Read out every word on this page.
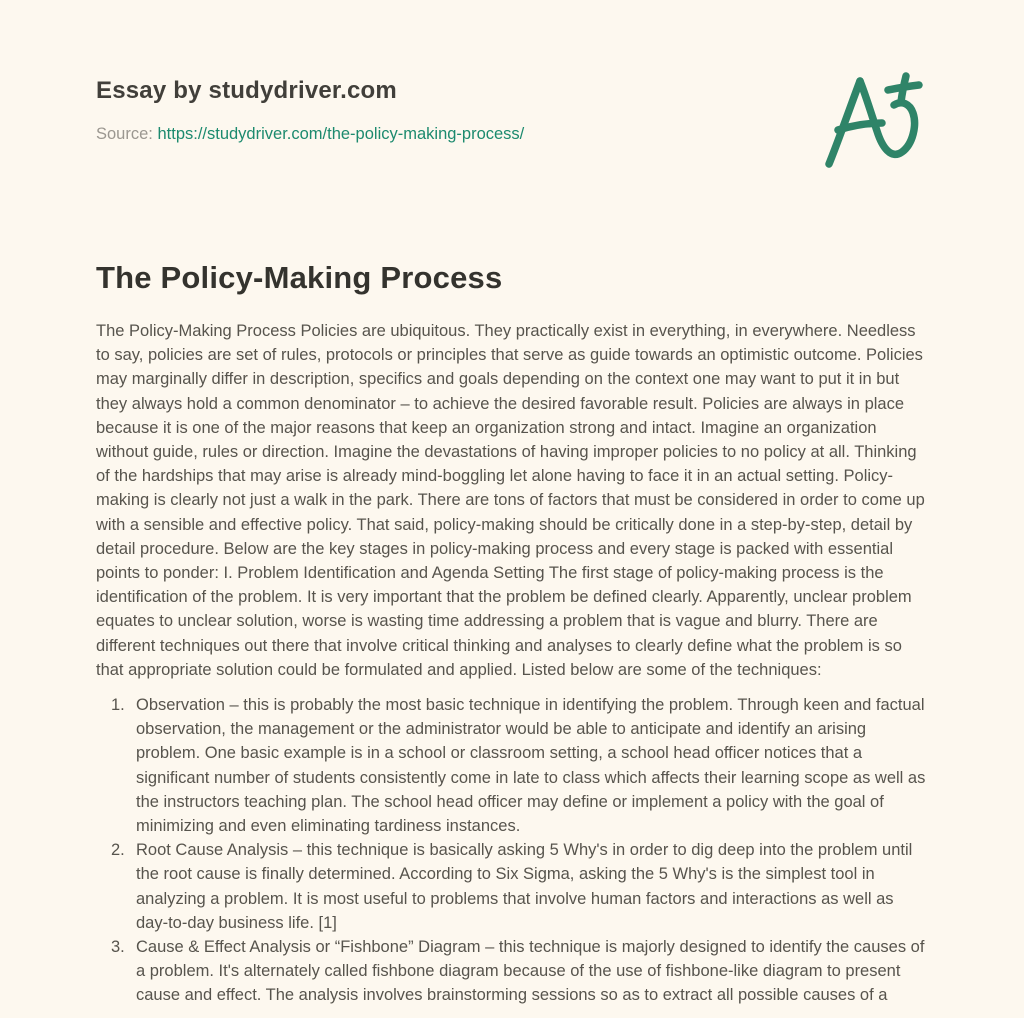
Essay by studydriver.com
Source: https://studydriver.com/the-policy-making-process/
The Policy-Making Process

The Policy-Making Process Policies are ubiquitous. They practically exist in everything, in everywhere. Needless to say, policies are set of rules, protocols or principles that serve as guide towards an optimistic outcome. Policies may marginally differ in description, specifics and goals depending on the context one may want to put it in but they always hold a common denominator – to achieve the desired favorable result. Policies are always in place because it is one of the major reasons that keep an organization strong and intact. Imagine an organization without guide, rules or direction. Imagine the devastations of having improper policies to no policy at all. Thinking of the hardships that may arise is already mind-boggling let alone having to face it in an actual setting. Policy-making is clearly not just a walk in the park. There are tons of factors that must be considered in order to come up with a sensible and effective policy. That said, policy-making should be critically done in a step-by-step, detail by detail procedure. Below are the key stages in policy-making process and every stage is packed with essential points to ponder: I. Problem Identification and Agenda Setting The first stage of policy-making process is the identification of the problem. It is very important that the problem be defined clearly. Apparently, unclear problem equates to unclear solution, worse is wasting time addressing a problem that is vague and blurry. There are different techniques out there that involve critical thinking and analyses to clearly define what the problem is so that appropriate solution could be formulated and applied. Listed below are some of the techniques:

1. Observation – this is probably the most basic technique in identifying the problem. Through keen and factual observation, the management or the administrator would be able to anticipate and identify an arising problem. One basic example is in a school or classroom setting, a school head officer notices that a significant number of students consistently come in late to class which affects their learning scope as well as the instructors teaching plan. The school head officer may define or implement a policy with the goal of minimizing and even eliminating tardiness instances.
2. Root Cause Analysis – this technique is basically asking 5 Why's in order to dig deep into the problem until the root cause is finally determined. According to Six Sigma, asking the 5 Why's is the simplest tool in analyzing a problem. It is most useful to problems that involve human factors and interactions as well as day-to-day business life. [1]
3. Cause & Effect Analysis or “Fishbone” Diagram – this technique is majorly designed to identify the causes of a problem. It's alternately called fishbone diagram because of the use of fishbone-like diagram to present cause and effect. The analysis involves brainstorming sessions so as to extract all possible causes of a
